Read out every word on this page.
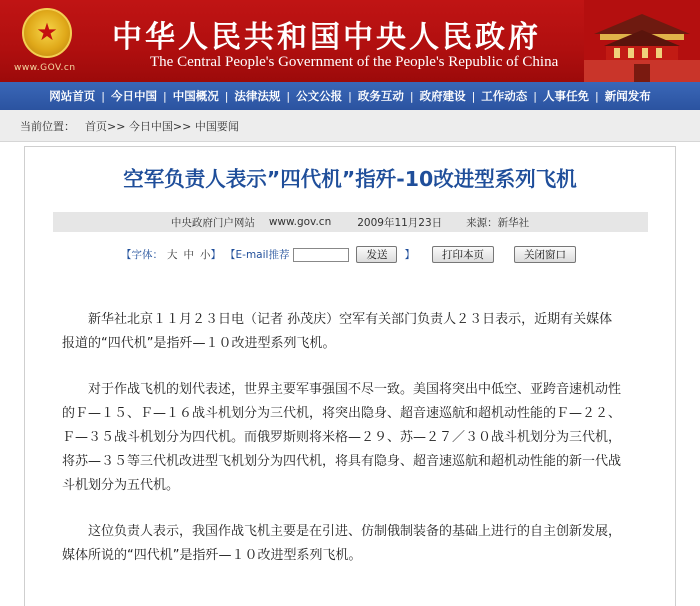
★
www.GOV.cn
中华人民共和国中央人民政府
The Central People's Government of the People's Republic of China
网站首页 | 今日中国 | 中国概况 | 法律法规 | 公文公报 | 政务互动 | 政府建设 | 工作动态 | 人事任免 | 新闻发布
当前位置： 首页>> 今日中国>> 中国要闻
空军负责人表示”四代机”指歼-10改进型系列飞机
中央政府门户网站 www.gov.cn 2009年11月23日 来源：新华社
【字体： 大 中 小 】 【E-mail推荐	发送	】	打印本页	关闭窗口

新华社北京１１月２３日电（记者 孙茂庆）空军有关部门负责人２３日表示，近期有关媒体报道的“四代机”是指歼—１０改进型系列飞机。

对于作战飞机的划代表述，世界主要军事强国不尽一致。美国将突出中低空、亚跨音速机动性的Ｆ—１５、Ｆ—１６战斗机划分为三代机，将突出隐身、超音速巡航和超机动性能的Ｆ—２２、Ｆ—３５战斗机划分为四代机。而俄罗斯则将米格—２９、苏—２７／３０战斗机划分为三代机，将苏—３５等三代机改进型飞机划分为四代机，将具有隐身、超音速巡航和超机动性能的新一代战斗机划分为五代机。

这位负责人表示，我国作战飞机主要是在引进、仿制俄制装备的基础上进行的自主创新发展，媒体所说的“四代机”是指歼—１０改进型系列飞机。
